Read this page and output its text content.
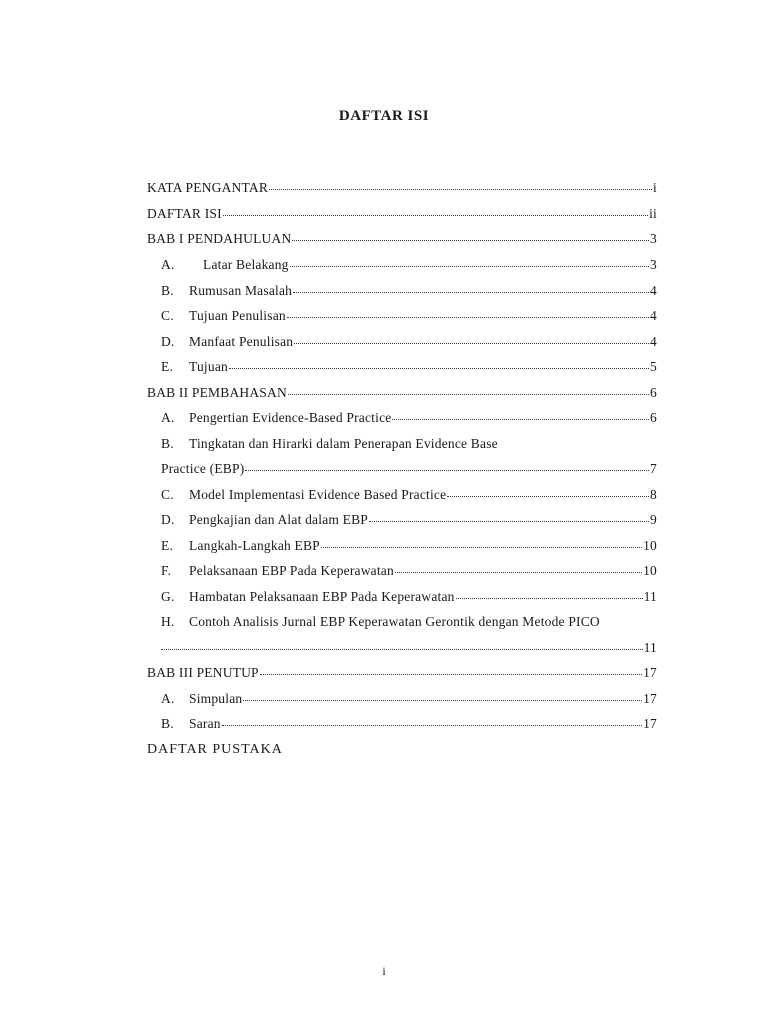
DAFTAR ISI
KATA PENGANTAR	i
DAFTAR ISI	ii
BAB I PENDAHULUAN	3
A.	Latar Belakang	3
B.	Rumusan Masalah	4
C.	Tujuan Penulisan	4
D.	Manfaat Penulisan	4
E.	Tujuan	5
BAB II PEMBAHASAN	6
A.	Pengertian Evidence-Based Practice	6
B.	Tingkatan dan Hirarki dalam Penerapan Evidence Base
Practice (EBP)	7
C.	Model Implementasi Evidence Based Practice	8
D.	Pengkajian dan Alat dalam EBP	9
E.	Langkah-Langkah EBP	10
F.	Pelaksanaan EBP Pada Keperawatan	10
G.	Hambatan Pelaksanaan EBP Pada Keperawatan	11
H.	Contoh Analisis Jurnal EBP Keperawatan Gerontik dengan Metode PICO
11
BAB III PENUTUP	17
A.	Simpulan	17
B.	Saran	17
DAFTAR PUSTAKA
i
